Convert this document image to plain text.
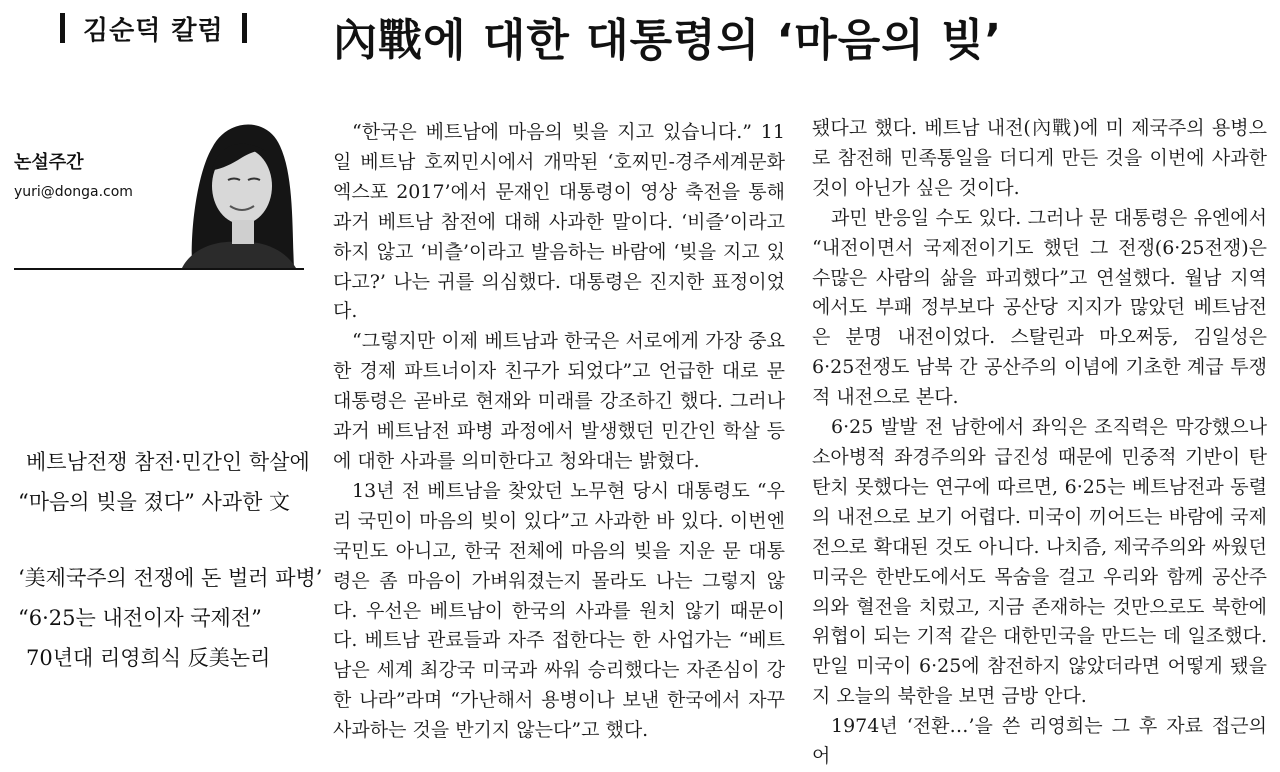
김순덕 칼럼 內戰에 대한 대통령의 ‘마음의 빚’
논설주간
yuri@donga.com
베트남전쟁 참전·민간인 학살에
“마음의 빚을 졌다” 사과한 文
‘美제국주의 전쟁에 돈 벌러 파병’
“6·25는 내전이자 국제전”
70년대 리영희식 反美논리

“한국은 베트남에 마음의 빚을 지고 있습니다.” 11일 베트남 호찌민시에서 개막된 ‘호찌민-경주세계문화엑스포 2017’에서 문재인 대통령이 영상 축전을 통해 과거 베트남 참전에 대해 사과한 말이다. ‘비즐’이라고 하지 않고 ‘비츨’이라고 발음하는 바람에 ‘빚을 지고 있다고?’ 나는 귀를 의심했다. 대통령은 진지한 표정이었다.

“그렇지만 이제 베트남과 한국은 서로에게 가장 중요한 경제 파트너이자 친구가 되었다”고 언급한 대로 문 대통령은 곧바로 현재와 미래를 강조하긴 했다. 그러나 과거 베트남전 파병 과정에서 발생했던 민간인 학살 등에 대한 사과를 의미한다고 청와대는 밝혔다.

13년 전 베트남을 찾았던 노무현 당시 대통령도 “우리 국민이 마음의 빚이 있다”고 사과한 바 있다. 이번엔 국민도 아니고, 한국 전체에 마음의 빚을 지운 문 대통령은 좀 마음이 가벼워졌는지 몰라도 나는 그렇지 않다. 우선은 베트남이 한국의 사과를 원치 않기 때문이다. 베트남 관료들과 자주 접한다는 한 사업가는 “베트남은 세계 최강국 미국과 싸워 승리했다는 자존심이 강한 나라”라며 “가난해서 용병이나 보낸 한국에서 자꾸 사과하는 것을 반기지 않는다”고 했다.

됐다고 했다. 베트남 내전(內戰)에 미 제국주의 용병으로 참전해 민족통일을 더디게 만든 것을 이번에 사과한 것이 아닌가 싶은 것이다.

과민 반응일 수도 있다. 그러나 문 대통령은 유엔에서 “내전이면서 국제전이기도 했던 그 전쟁(6·25전쟁)은 수많은 사람의 삶을 파괴했다”고 연설했다. 월남 지역에서도 부패 정부보다 공산당 지지가 많았던 베트남전은 분명 내전이었다. 스탈린과 마오쩌둥, 김일성은 6·25전쟁도 남북 간 공산주의 이념에 기초한 계급 투쟁적 내전으로 본다.

6·25 발발 전 남한에서 좌익은 조직력은 막강했으나 소아병적 좌경주의와 급진성 때문에 민중적 기반이 탄탄치 못했다는 연구에 따르면, 6·25는 베트남전과 동렬의 내전으로 보기 어렵다. 미국이 끼어드는 바람에 국제전으로 확대된 것도 아니다. 나치즘, 제국주의와 싸웠던 미국은 한반도에서도 목숨을 걸고 우리와 함께 공산주의와 혈전을 치렀고, 지금 존재하는 것만으로도 북한에 위협이 되는 기적 같은 대한민국을 만드는 데 일조했다. 만일 미국이 6·25에 참전하지 않았더라면 어떻게 됐을지 오늘의 북한을 보면 금방 안다.

1974년 ‘전환…’을 쓴 리영희는 그 후 자료 접근의 어
